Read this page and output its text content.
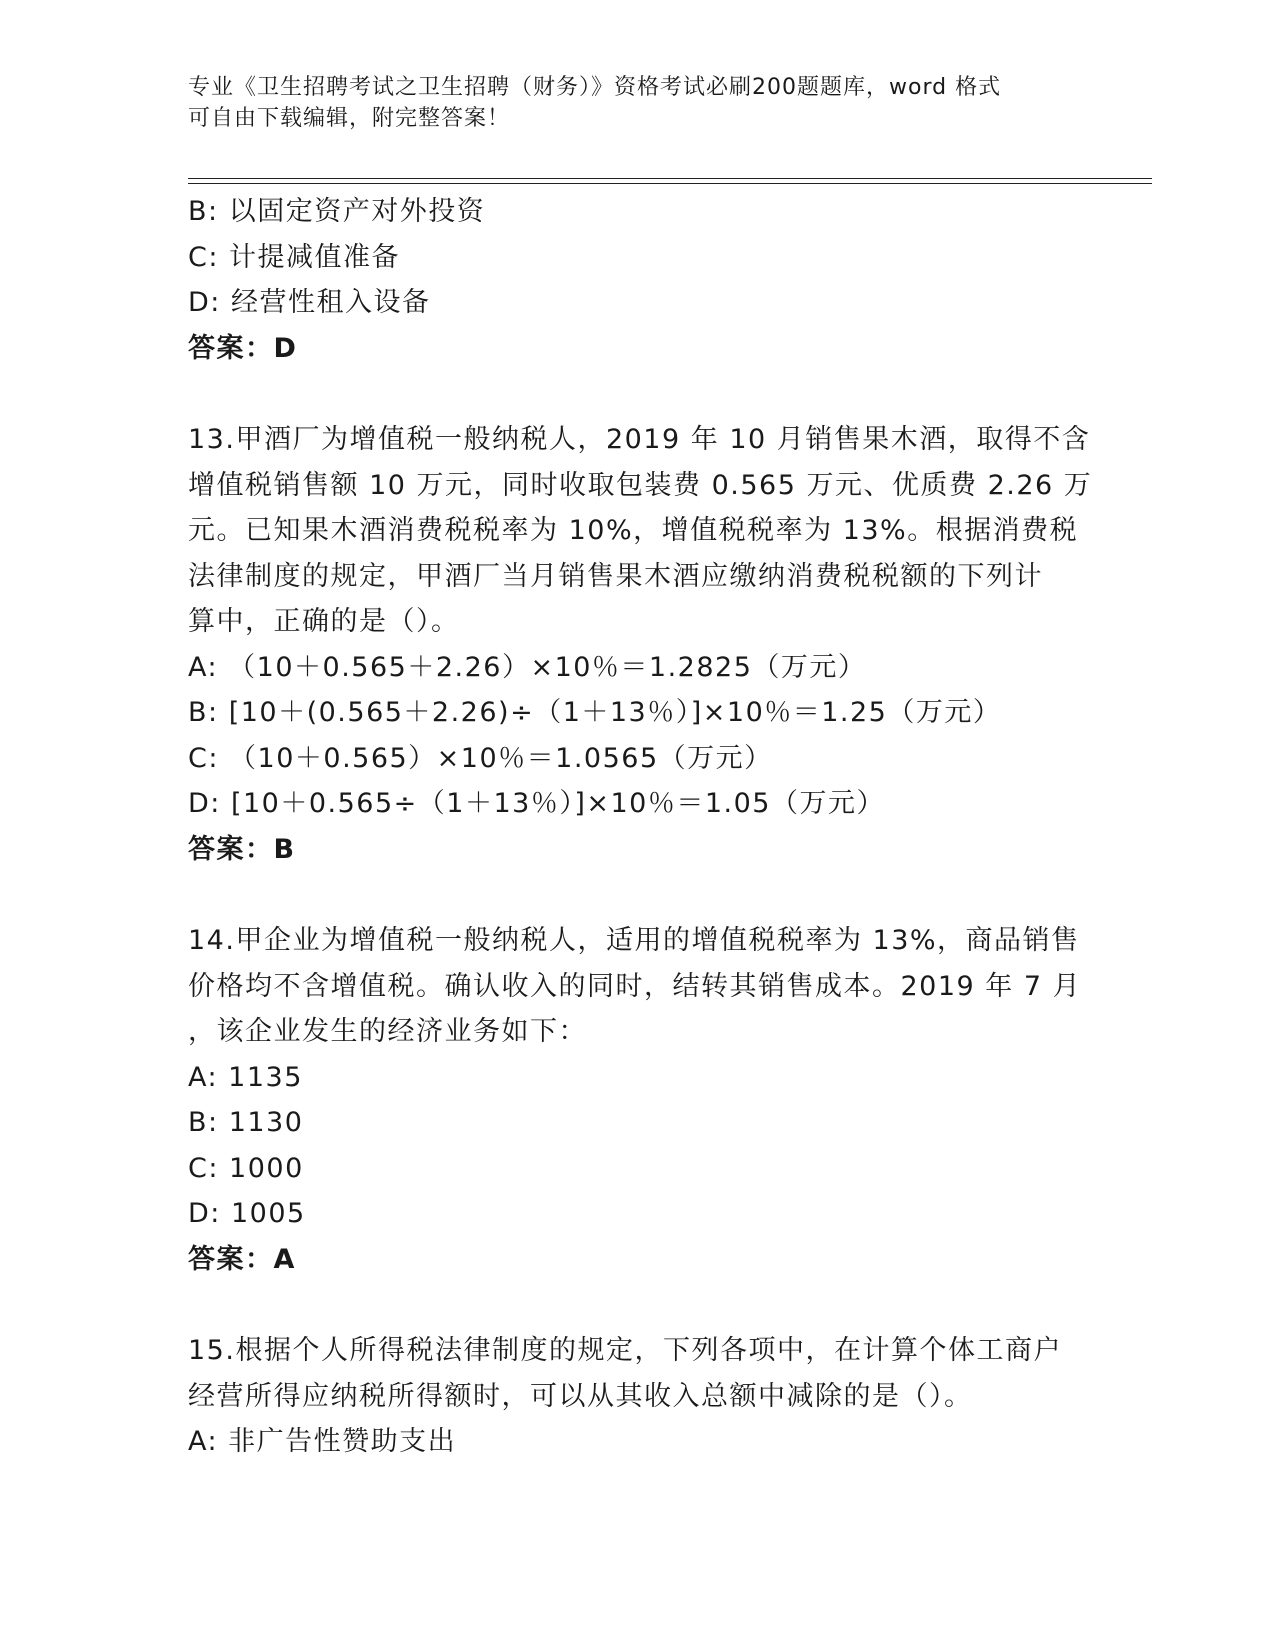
专业《卫生招聘考试之卫生招聘（财务）》资格考试必刷200题题库，word 格式
可自由下载编辑，附完整答案！
B: 以固定资产对外投资
C: 计提减值准备
D: 经营性租入设备
答案：D
13.甲酒厂为增值税一般纳税人，2019 年 10 月销售果木酒，取得不含
增值税销售额 10 万元，同时收取包装费 0.565 万元、优质费 2.26 万
元。已知果木酒消费税税率为 10%，增值税税率为 13%。根据消费税
法律制度的规定，甲酒厂当月销售果木酒应缴纳消费税税额的下列计
算中，正确的是（）。
A: （10＋0.565＋2.26）×10％＝1.2825（万元）
B: [10＋(0.565＋2.26)÷（1＋13％）]×10％＝1.25（万元）
C: （10＋0.565）×10％＝1.0565（万元）
D: [10＋0.565÷（1＋13％）]×10％＝1.05（万元）
答案：B
14.甲企业为增值税一般纳税人，适用的增值税税率为 13%，商品销售
价格均不含增值税。确认收入的同时，结转其销售成本。2019 年 7 月
，该企业发生的经济业务如下：
A: 1135
B: 1130
C: 1000
D: 1005
答案：A
15.根据个人所得税法律制度的规定，下列各项中，在计算个体工商户
经营所得应纳税所得额时，可以从其收入总额中减除的是（）。
A: 非广告性赞助支出
